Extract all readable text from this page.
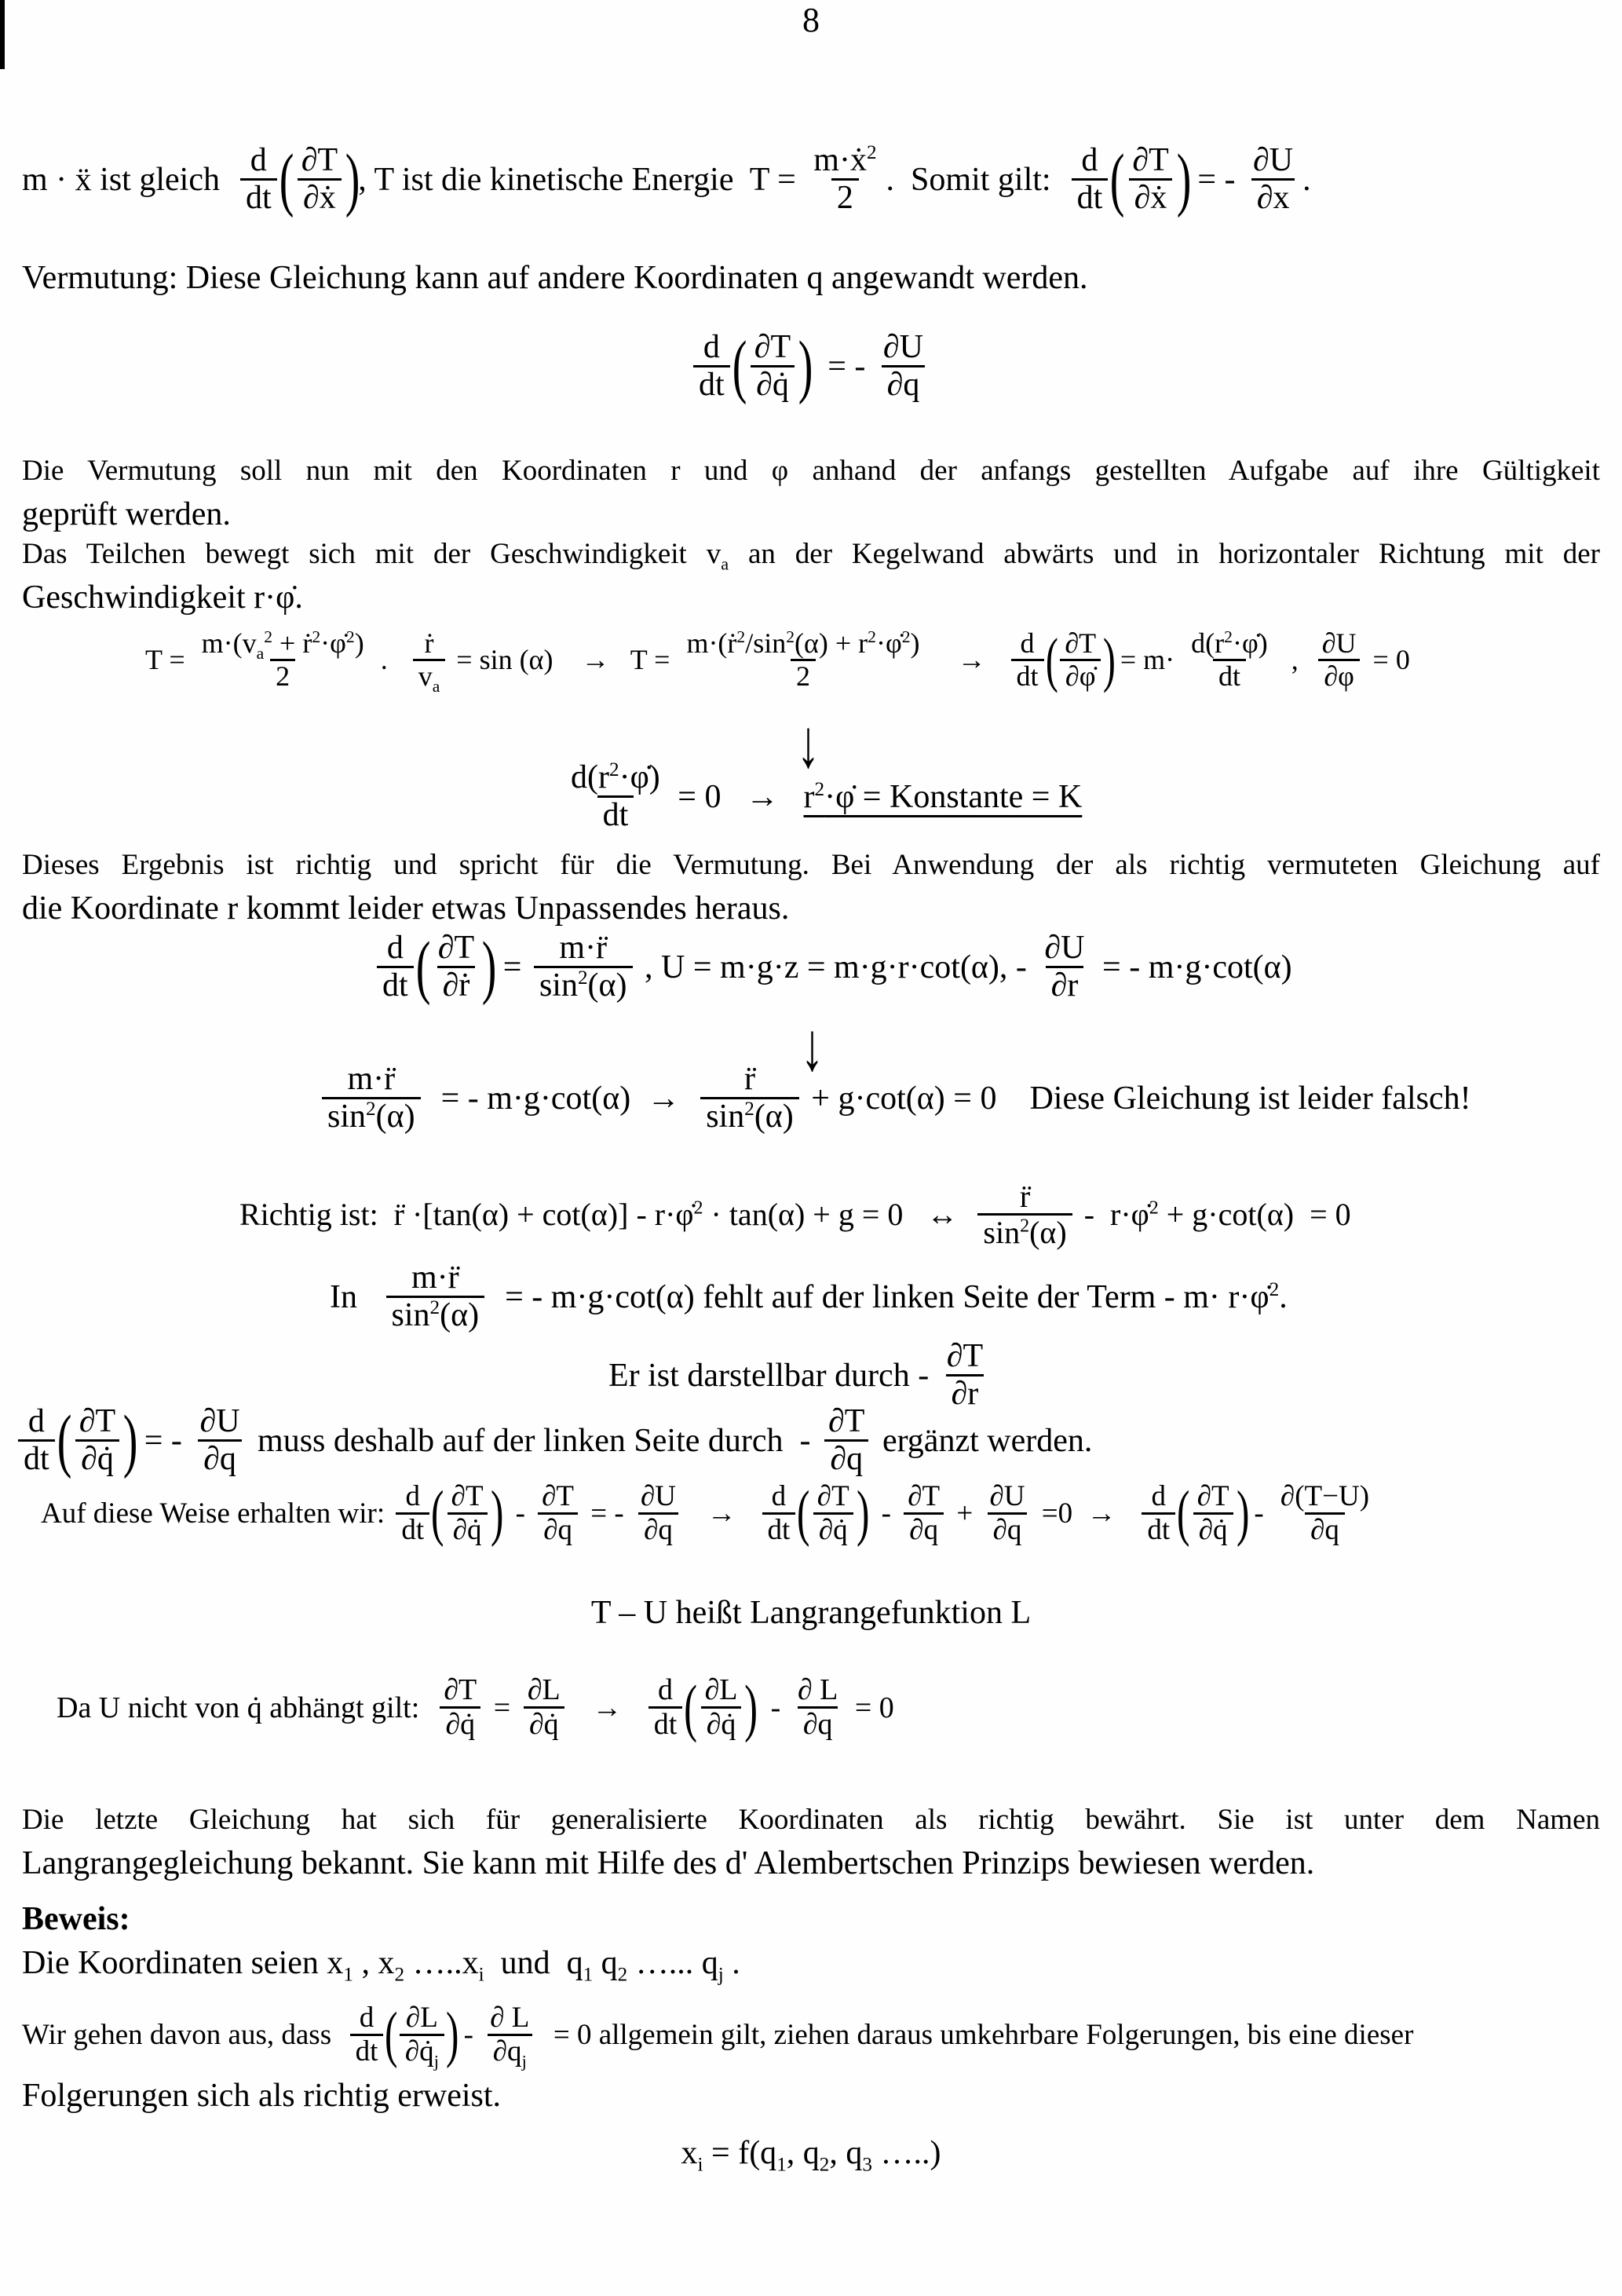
8
m · ẍ ist gleich $\frac{d}{dt}$ ( $\frac{\partial T}{\text{∂ẋ}}$ )
, T ist die kinetische Energie  $T = \frac{m\cdot ẋ^2}{2}$ .  Somit gilt: $\frac{d}{dt}$ ( $\frac{\partial T}{\text{∂ẋ}}$ )
= - $\frac{\partial U}{\partial x}$ .
Vermutung: Diese Gleichung kann auf andere Koordinaten q angewandt werden.
$\frac{d}{dt}$ ( $\frac{\partial T}{\partial q̇}$ )
= - $\frac{\partial U}{\partial q}$
Die Vermutung soll nun mit den Koordinaten r und φ anhand der anfangs gestellten Aufgabe auf ihre Gültigkeit
geprüft werden.
Das Teilchen bewegt sich mit der Geschwindigkeit $v_a$ an der Kegelwand abwärts und in horizontaler Richtung mit der
Geschwindigkeit r·φ̇.
$T = \frac{m\cdot(v_a^2 + ṙ^2\cdot\varphi̇^2)}{2}$ . $\frac{\text{ṙ}}{v_a} = \sin (\alpha)$    →   $T = \frac{m\cdot(ṙ^2/\sin^2(\alpha) + r^2\cdot\varphi̇^2)}{2} \to \frac{d}{dt}$ ( $\frac{\partial T}{\partial\varphi̇}$ )
= $m\cdot \frac{d(r^2\cdot\varphi̇)}{dt}$ , $\frac{\partial U}{\partial\varphi} = 0$
↓
$\frac{d(r^2\cdot\varphi̇)}{dt} = 0$   → $r^2\cdot\varphi̇$ = Konstante = K
Dieses Ergebnis ist richtig und spricht für die Vermutung. Bei Anwendung der als richtig vermuteten Gleichung auf
die Koordinate r kommt leider etwas Unpassendes heraus.
$\frac{d}{dt}$ ( $\frac{\partial T}{\text{∂ṙ}}$ )
= $\frac{m\cdot r̈}{\sin^2(\alpha)}$ , U = m·g·z = m·g·r·cot(α), - $\frac{\partial U}{\partial r}$ = - m·g·cot(α)
↓
$\frac{m\cdot r̈}{\sin^2(\alpha)}$ = - $m\cdot g\cdot\cot(\alpha) \to \frac{r̈}{\sin^2(\alpha)} + g\cdot\cot(\alpha) = 0$    Diese Gleichung ist leider falsch!
Richtig ist:  r̈ ·[tan(α) + cot(α)] - r·φ̇$^2$ · tan(α) + g = 0   ↔ $\frac{r̈}{\sin^2(\alpha)}$ -  r·φ̇$^2$ + g·cot(α)  = 0
In $\frac{m\cdot r̈}{\sin^2(\alpha)}$ = - m·g·cot(α) fehlt auf der linken Seite der Term - m· r·φ̇$^2$.
Er ist darstellbar durch - $\frac{\partial T}{\partial r}$
$\frac{d}{dt}$ ( $\frac{\partial T}{\partial q̇}$ )
= - $\frac{\partial U}{\partial q}$ muss deshalb auf der linken Seite durch  - $\frac{\partial T}{\partial q}$ ergänzt werden.
Auf diese Weise erhalten wir: $\frac{d}{dt}$ ( $\frac{\partial T}{\partial q̇}$ )
- $\frac{\partial T}{\partial q}$ = - $\frac{\partial U}{\partial q} \to \frac{d}{dt}$ ( $\frac{\partial T}{\partial q̇}$ )
- $\frac{\partial T}{\partial q} + \frac{\partial U}{\partial q} =0 \to \frac{d}{dt}$ ( $\frac{\partial T}{\partial q̇}$ )
- $\frac{\partial(T-U)}{\partial q}$
T – U heißt Langrangefunktion L
Da U nicht von q̇ abhängt gilt: $\frac{\partial T}{\partial q̇} = \frac{\partial L}{\partial q̇} \to \frac{d}{dt}$ ( $\frac{\partial L}{\partial q̇}$ )
- $\frac{\partial L}{\partial q} = 0$
Die letzte Gleichung hat sich für generalisierte Koordinaten als richtig bewährt. Sie ist unter dem Namen
Langrangegleichung bekannt. Sie kann mit Hilfe des d' Alembertschen Prinzips bewiesen werden.
Beweis:
Die Koordinaten seien $x_1$ , $x_2$ $\dots..x_i$  und  $q_1$ $q_2$ …... $q_j$ .
Wir gehen davon aus, dass $\frac{d}{dt}$ ( $\frac{\partial L}{\partial q̇_j}$ )
- $\frac{\partial L}{\partial q_j} = 0$ allgemein gilt, ziehen daraus umkehrbare Folgerungen, bis eine dieser
Folgerungen sich als richtig erweist.
$x_i = f(q_1$, $q_2$, $q_3$ …..)
